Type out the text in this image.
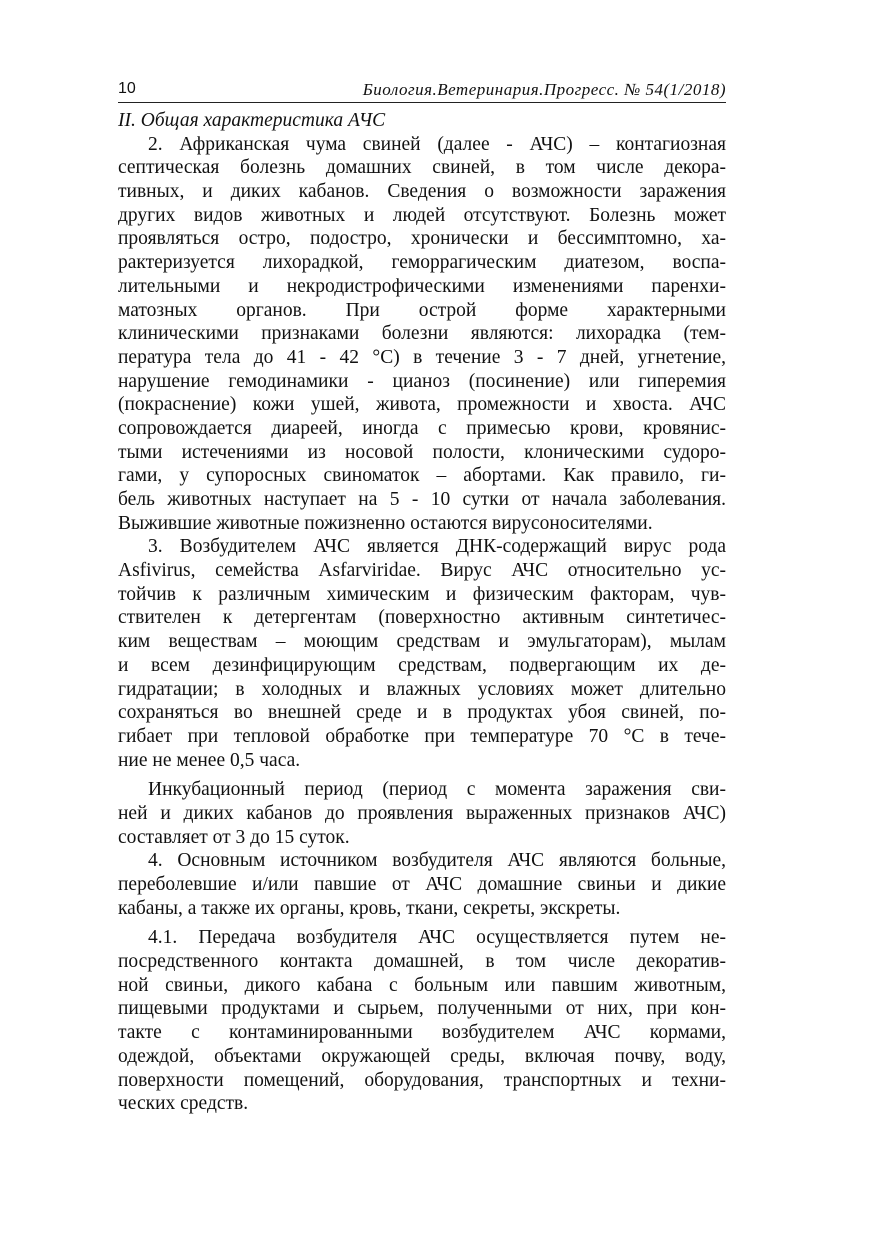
10	Биология.Ветеринария.Прогресс. № 54(1/2018)
II. Общая характеристика АЧС
2. Африканская чума свиней (далее - АЧС) – контагиозная
септическая болезнь домашних свиней, в том числе декора-
тивных, и диких кабанов. Сведения о возможности заражения
других видов животных и людей отсутствуют. Болезнь может
проявляться остро, подостро, хронически и бессимптомно, ха-
рактеризуется лихорадкой, геморрагическим диатезом, воспа-
лительными и некродистрофическими изменениями паренхи-
матозных органов. При острой форме характерными
клиническими признаками болезни являются: лихорадка (тем-
пература тела до 41 - 42 °С) в течение 3 - 7 дней, угнетение,
нарушение гемодинамики - цианоз (посинение) или гиперемия
(покраснение) кожи ушей, живота, промежности и хвоста. АЧС
сопровождается диареей, иногда с примесью крови, кровянис-
тыми истечениями из носовой полости, клоническими судоро-
гами, у супоросных свиноматок – абортами. Как правило, ги-
бель животных наступает на 5 - 10 сутки от начала заболевания.
Выжившие животные пожизненно остаются вирусоносителями.
3. Возбудителем АЧС является ДНК-содержащий вирус рода
Asfivirus, семейства Asfarviridae. Вирус АЧС относительно ус-
тойчив к различным химическим и физическим факторам, чув-
ствителен к детергентам (поверхностно активным синтетичес-
ким веществам – моющим средствам и эмульгаторам), мылам
и всем дезинфицирующим средствам, подвергающим их де-
гидратации; в холодных и влажных условиях может длительно
сохраняться во внешней среде и в продуктах убоя свиней, по-
гибает при тепловой обработке при температуре 70 °С в тече-
ние не менее 0,5 часа.
Инкубационный период (период с момента заражения сви-
ней и диких кабанов до проявления выраженных признаков АЧС)
составляет от 3 до 15 суток.
4. Основным источником возбудителя АЧС являются больные,
переболевшие и/или павшие от АЧС домашние свиньи и дикие
кабаны, а также их органы, кровь, ткани, секреты, экскреты.
4.1. Передача возбудителя АЧС осуществляется путем не-
посредственного контакта домашней, в том числе декоратив-
ной свиньи, дикого кабана с больным или павшим животным,
пищевыми продуктами и сырьем, полученными от них, при кон-
такте с контаминированными возбудителем АЧС кормами,
одеждой, объектами окружающей среды, включая почву, воду,
поверхности помещений, оборудования, транспортных и техни-
ческих средств.
